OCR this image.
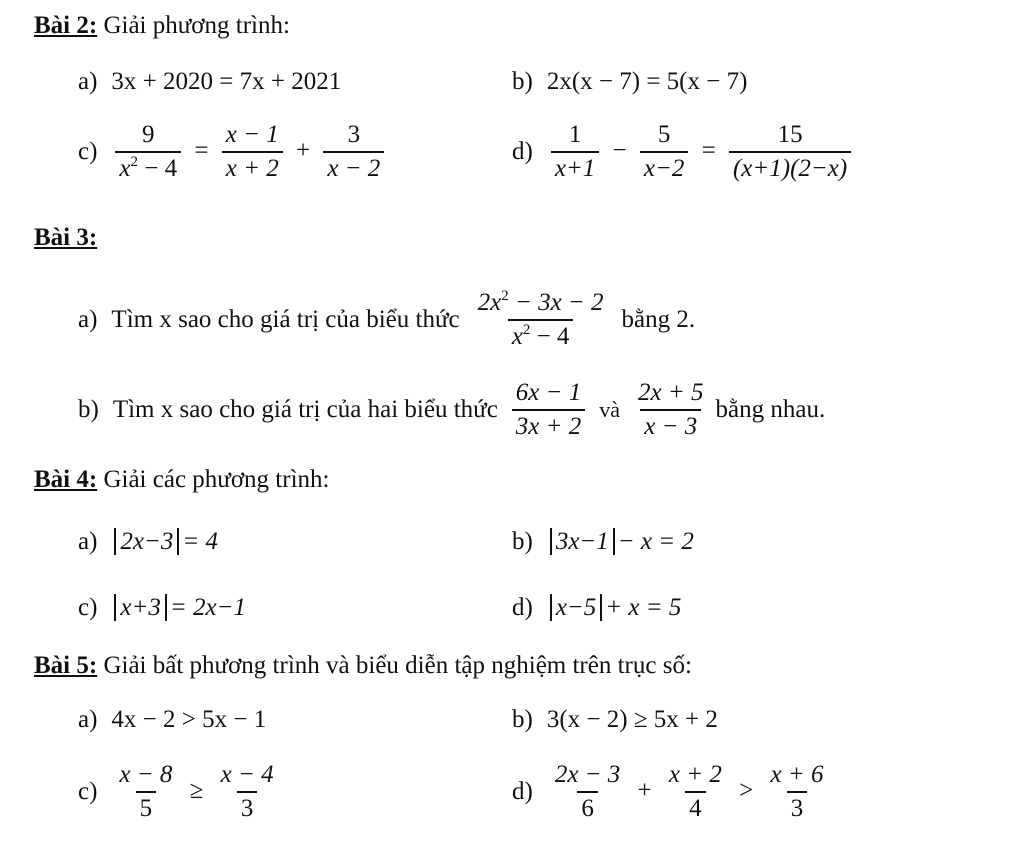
Bài 2: Giải phương trình:
a) 3x + 2020 = 7x + 2021	b) 2x(x − 7) = 5(x − 7)
$c) \frac{9}{x^2 - 4} = \frac{x - 1}{x + 2} + \frac{3}{x - 2}$	$d) \frac{1}{x+1} - \frac{5}{x-2} = \frac{15}{(x+1)(2-x)}$
Bài 3:
a) Tìm x sao cho giá trị của biểu thức $\frac{2x^2 - 3x - 2}{x^2 - 4}$ bằng 2.
b) Tìm x sao cho giá trị của hai biểu thức $\frac{6x - 1}{3x + 2}$ và $\frac{2x + 5}{x - 3}$ bằng nhau.
Bài 4: Giải các phương trình:
a) 2x−3 = 4	b) 3x−1 − x = 2
c) x+3 = 2x−1	d) x−5 + x = 5
Bài 5: Giải bất phương trình và biểu diễn tập nghiệm trên trục số:
a) 4x − 2 > 5x − 1	b) 3(x − 2) ≥ 5x + 2
$c) \frac{x - 8}{5} \ge \frac{x - 4}{3}$	$d) \frac{2x - 3}{6} + \frac{x + 2}{4} > \frac{x + 6}{3}$
